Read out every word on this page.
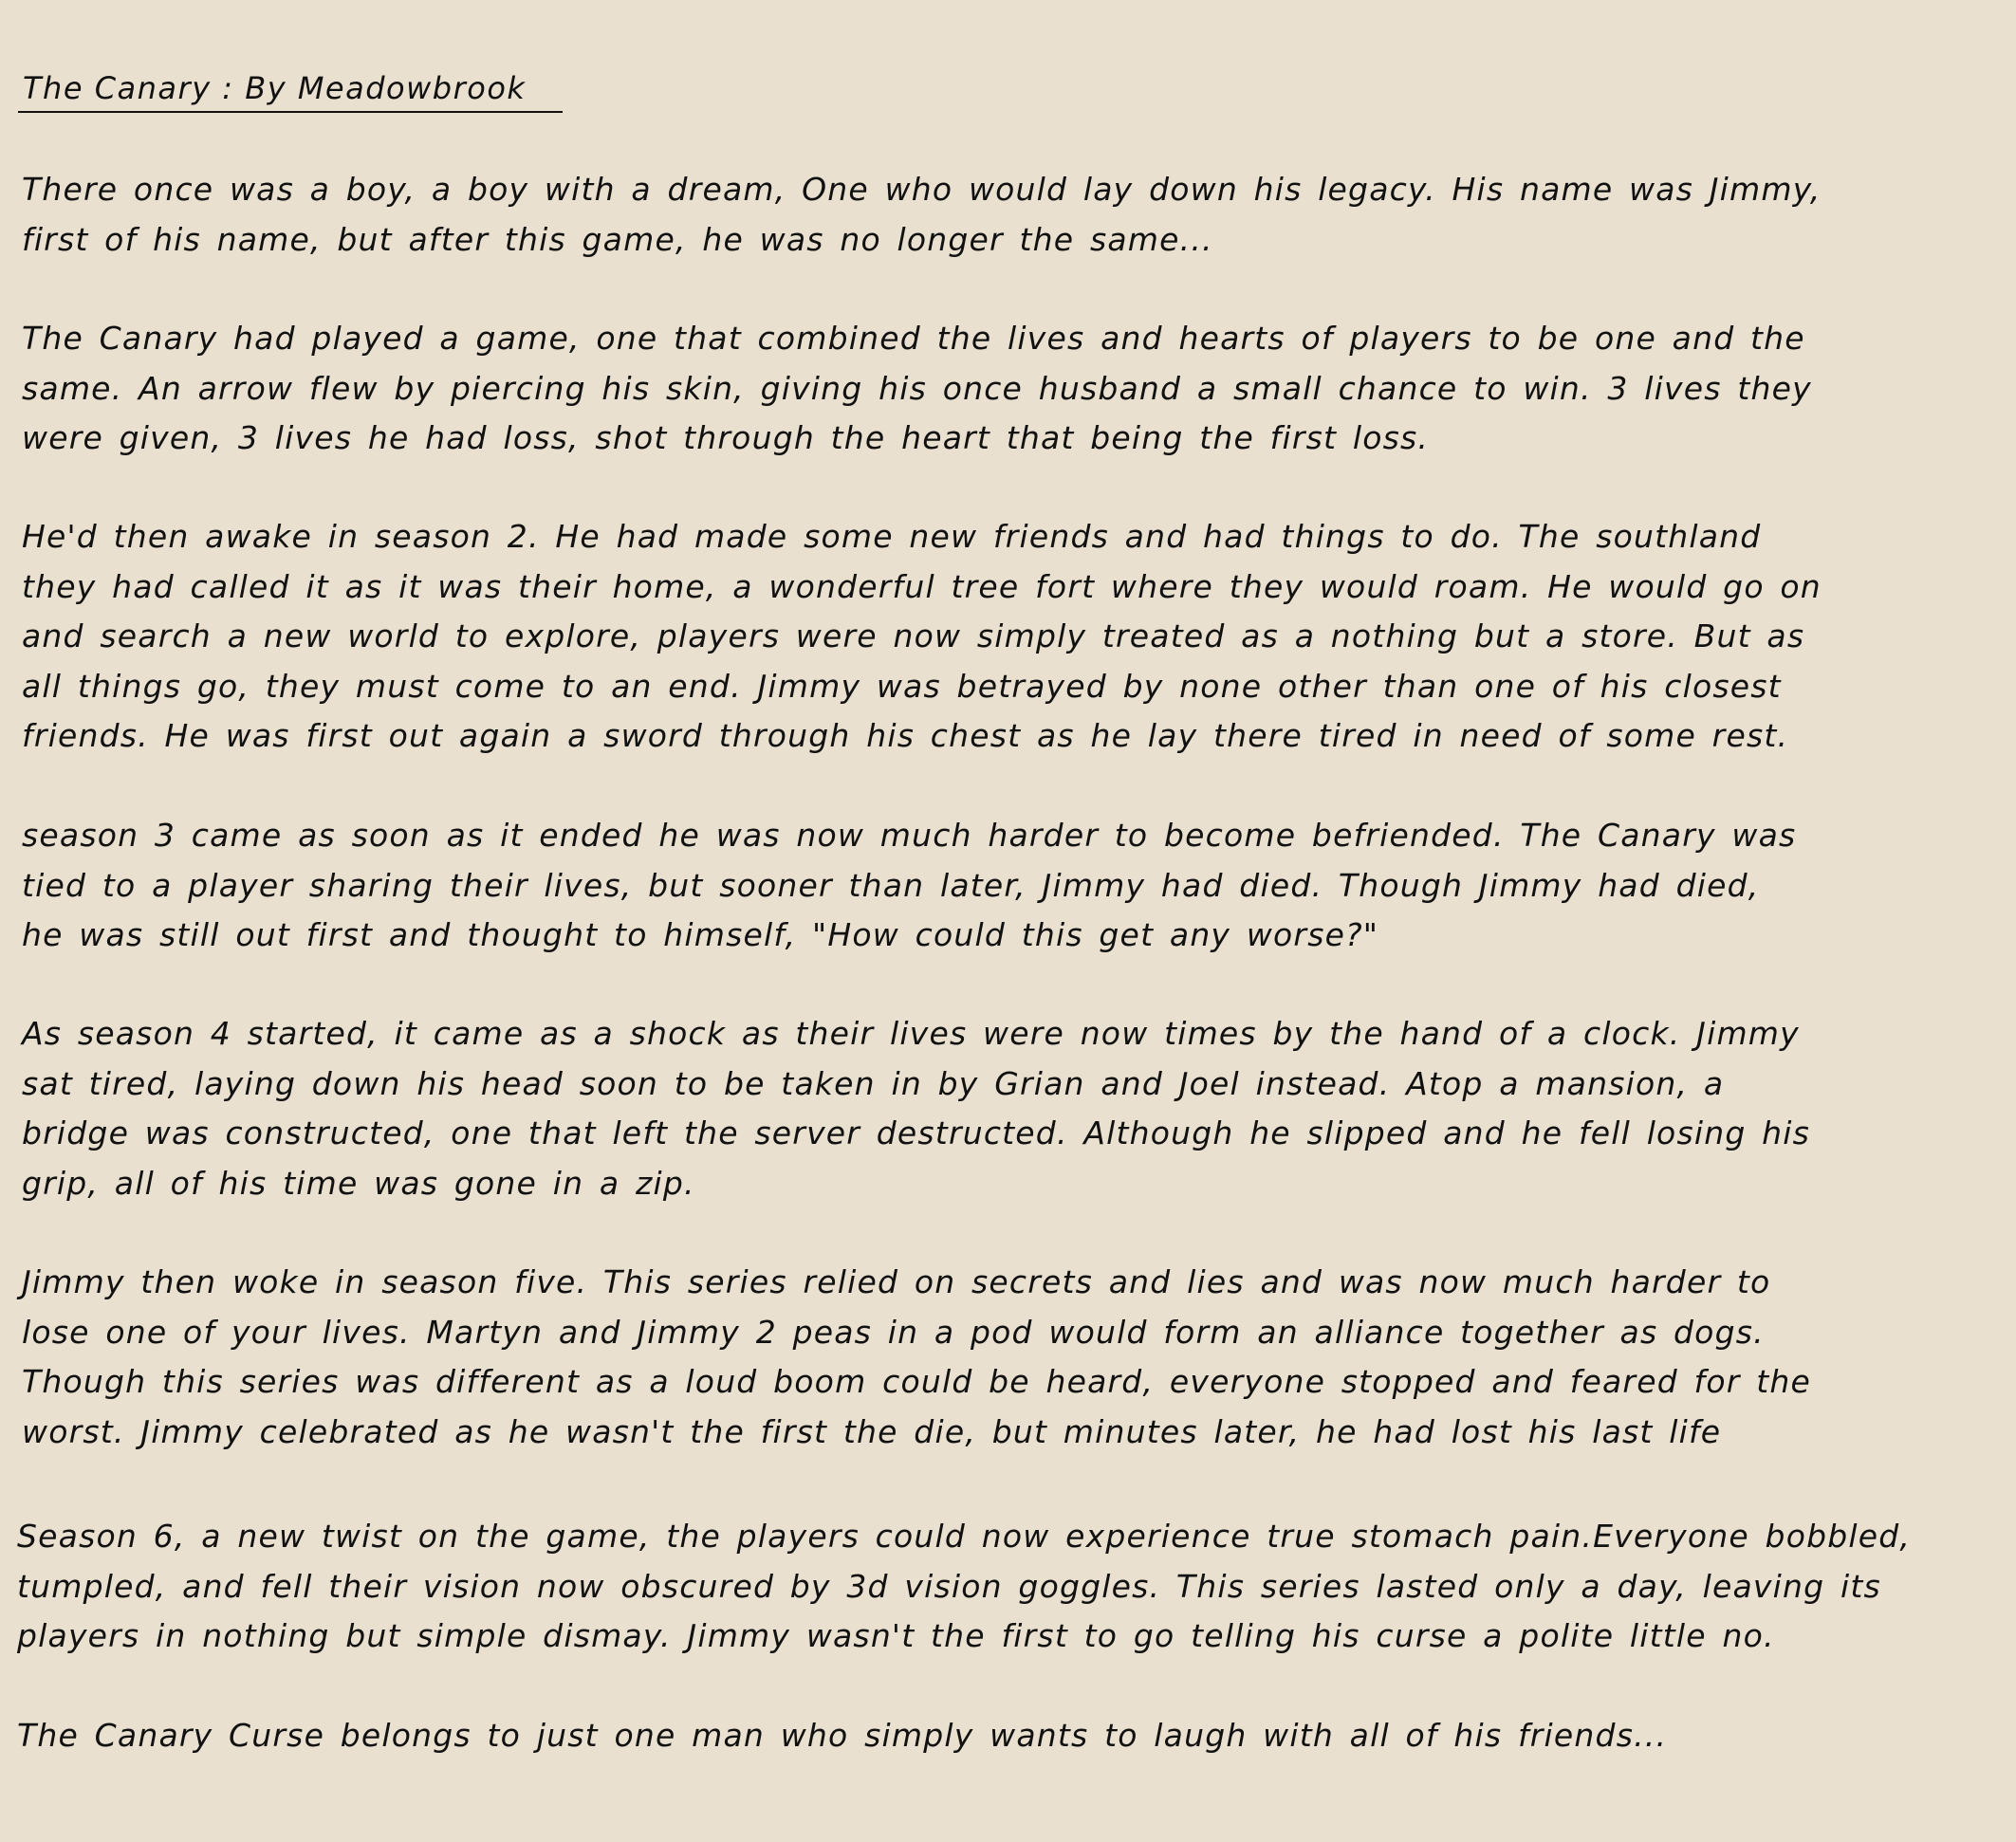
The Canary : By Meadowbrook
There once was a boy, a boy with a dream, One who would lay down his legacy. His name was Jimmy,
first of his name, but after this game, he was no longer the same...
The Canary had played a game, one that combined the lives and hearts of players to be one and the
same. An arrow flew by piercing his skin, giving his once husband a small chance to win. 3 lives they
were given, 3 lives he had loss, shot through the heart that being the first loss.
He'd then awake in season 2. He had made some new friends and had things to do. The southland
they had called it as it was their home, a wonderful tree fort where they would roam. He would go on
and search a new world to explore, players were now simply treated as a nothing but a store. But as
all things go, they must come to an end. Jimmy was betrayed by none other than one of his closest
friends. He was first out again a sword through his chest as he lay there tired in need of some rest.
season 3 came as soon as it ended he was now much harder to become befriended. The Canary was
tied to a player sharing their lives, but sooner than later, Jimmy had died. Though Jimmy had died,
he was still out first and thought to himself, "How could this get any worse?"
As season 4 started, it came as a shock as their lives were now times by the hand of a clock. Jimmy
sat tired, laying down his head soon to be taken in by Grian and Joel instead. Atop a mansion, a
bridge was constructed, one that left the server destructed. Although he slipped and he fell losing his
grip, all of his time was gone in a zip.
Jimmy then woke in season five. This series relied on secrets and lies and was now much harder to
lose one of your lives. Martyn and Jimmy 2 peas in a pod would form an alliance together as dogs.
Though this series was different as a loud boom could be heard, everyone stopped and feared for the
worst. Jimmy celebrated as he wasn't the first the die, but minutes later, he had lost his last life
Season 6, a new twist on the game, the players could now experience true stomach pain.Everyone bobbled,
tumpled, and fell their vision now obscured by 3d vision goggles. This series lasted only a day, leaving its
players in nothing but simple dismay. Jimmy wasn't the first to go telling his curse a polite little no.
The Canary Curse belongs to just one man who simply wants to laugh with all of his friends...
